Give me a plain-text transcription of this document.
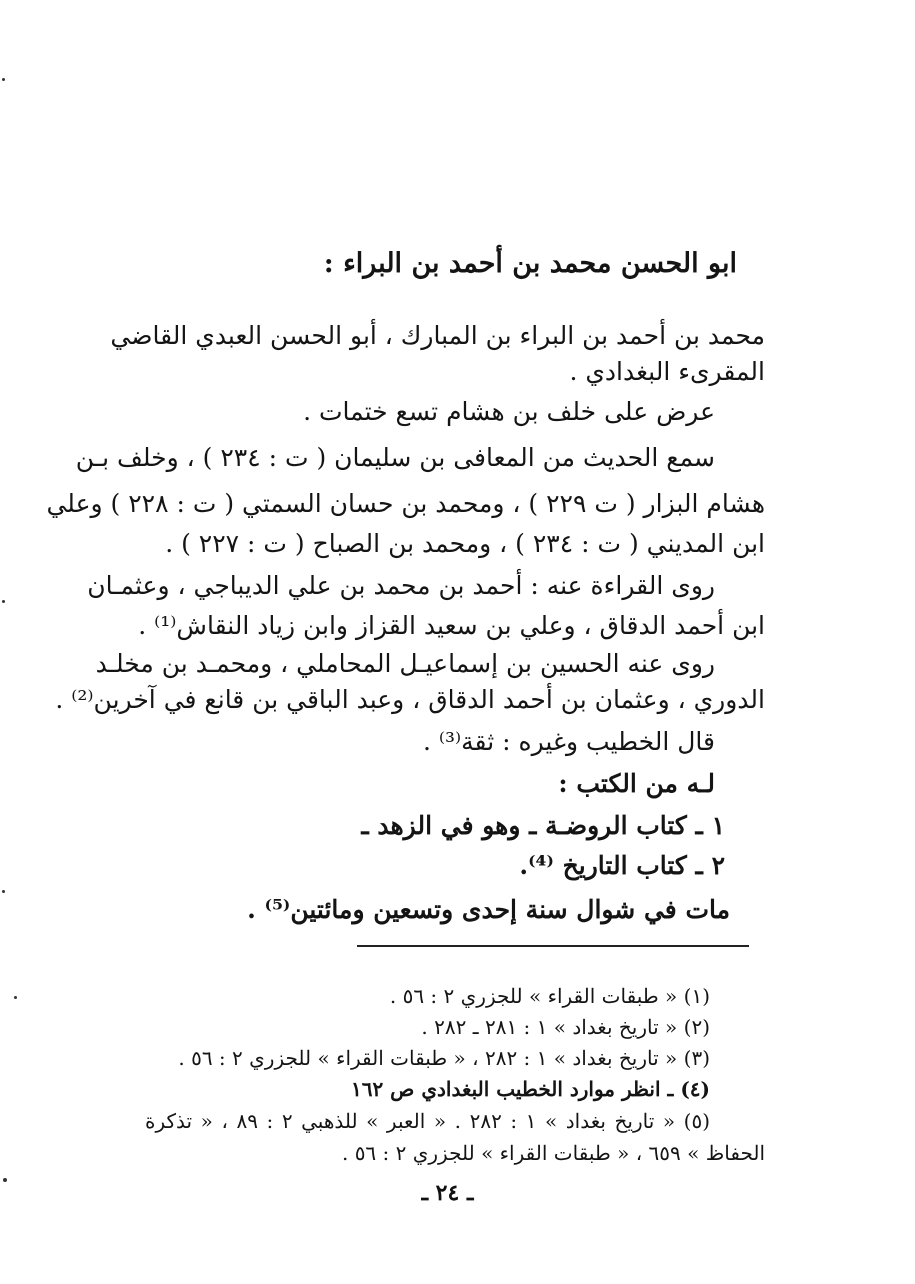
ابو الحسن محمد بن أحمد بن البراء :

محمد بن أحمد بن البراء بن المبارك ، أبو الحسن العبدي القاضي

المقرىء البغدادي .

عرض على خلف بن هشام تسع ختمات .

سمع الحديث من المعافى بن سليمان ( ت : ٢٣٤ ) ، وخلف بـن

هشام البزار ( ت ٢٢٩ ) ، ومحمد بن حسان السمتي ( ت : ٢٢٨ ) وعلي

ابن المديني ( ت : ٢٣٤ ) ، ومحمد بن الصباح ( ت : ٢٢٧ ) .

روى القراءة عنه : أحمد بن محمد بن علي الديباجي ، وعثمـان

ابن أحمد الدقاق ، وعلي بن سعيد القزاز وابن زياد النقاش⁽¹⁾ .

روى عنه الحسين بن إسماعيـل المحاملي ، ومحمـد بن مخلـد

الدوري ، وعثمان بن أحمد الدقاق ، وعبد الباقي بن قانع في آخرين⁽²⁾ .

قال الخطيب وغيره : ثقة⁽³⁾ .

لـه من الكتب :

١ ـ كتاب الروضـة ـ وهو في الزهد ـ

٢ ـ كتاب التاريخ ⁽⁴⁾.

مات في شوال سنة إحدى وتسعين ومائتين⁽⁵⁾ .

(١) « طبقات القراء » للجزري ٢ : ٥٦ .

(٢) « تاريخ بغداد » ١ : ٢٨١ ـ ٢٨٢ .

(٣) « تاريخ بغداد » ١ : ٢٨٢ ، « طبقات القراء » للجزري ٢ : ٥٦ .

(٤) ـ انظر موارد الخطيب البغدادي ص ١٦٢

(٥) « تاريخ بغداد » ١ : ٢٨٢ . « العبر » للذهبي ٢ : ٨٩ ، « تذكرة

الحفاظ » ٦٥٩ ، « طبقات القراء » للجزري ٢ : ٥٦ .

ـ ٢٤ ـ
